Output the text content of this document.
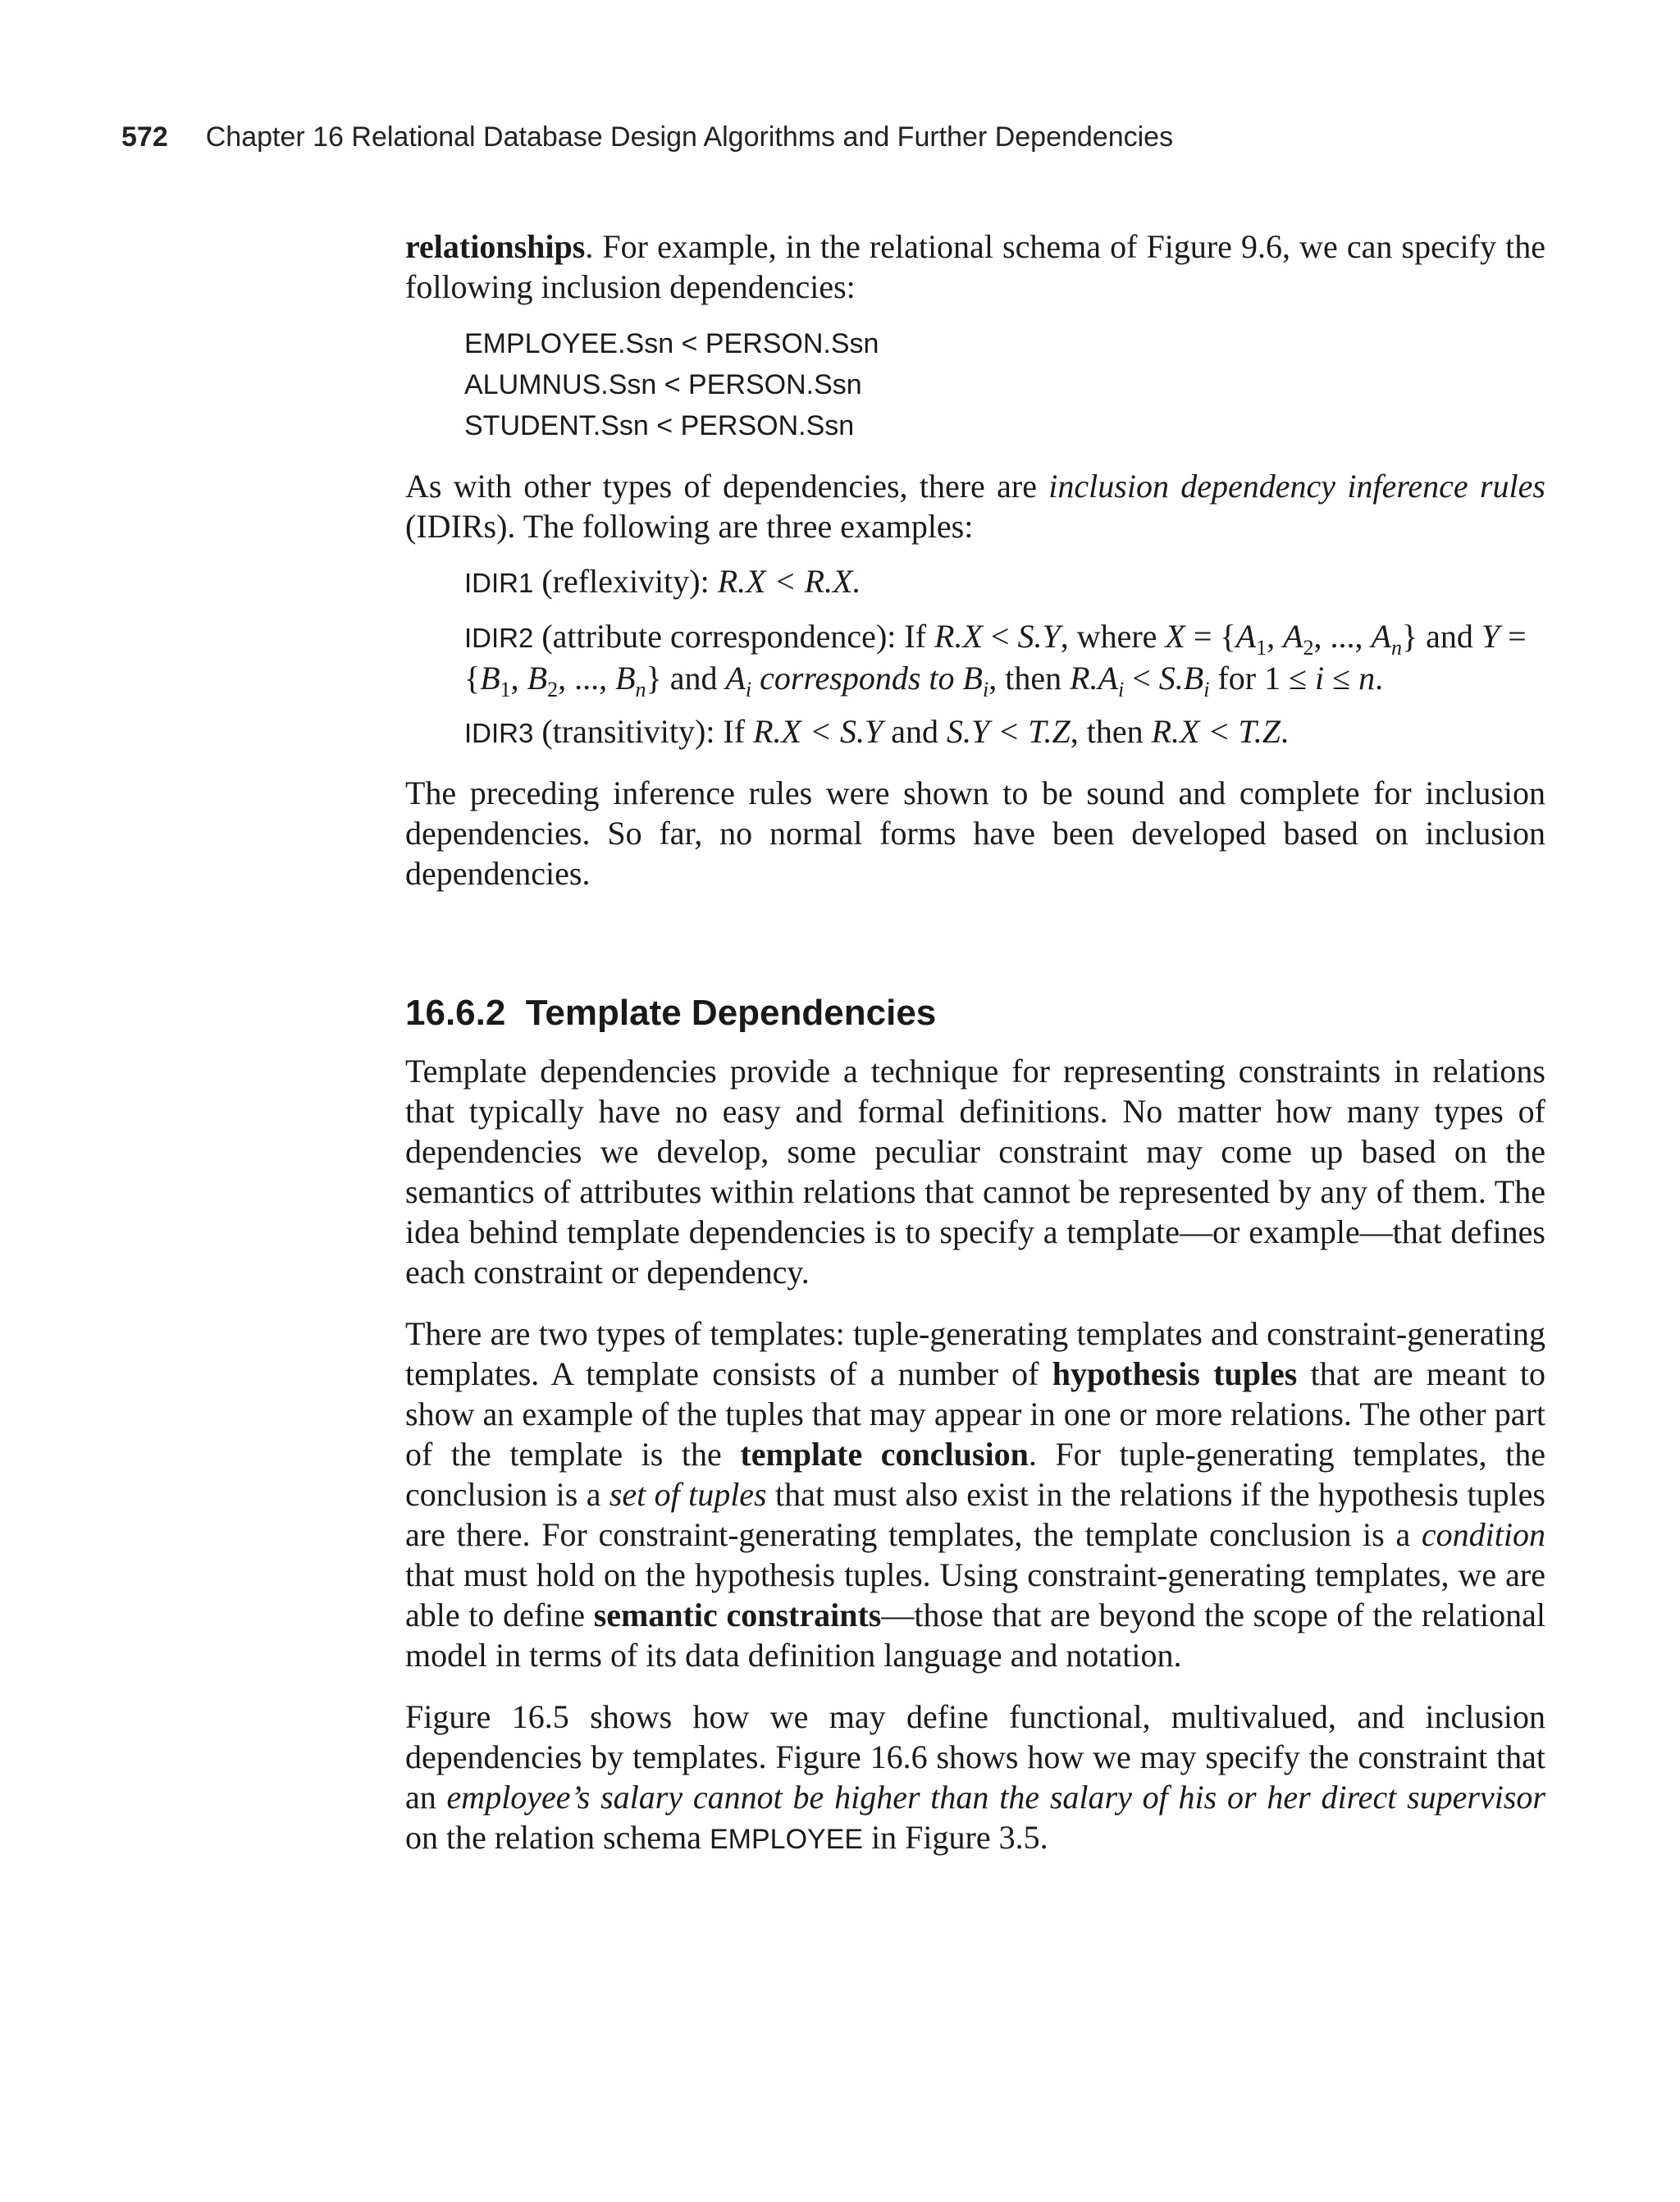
572 Chapter 16 Relational Database Design Algorithms and Further Dependencies

relationships. For example, in the relational schema of Figure 9.6, we can specify the following inclusion dependencies:

EMPLOYEE.Ssn < PERSON.Ssn
ALUMNUS.Ssn < PERSON.Ssn
STUDENT.Ssn < PERSON.Ssn

As with other types of dependencies, there are inclusion dependency inference rules (IDIRs). The following are three examples:

IDIR1 (reflexivity): R.X < R.X.
IDIR2 (attribute correspondence): If R.X < S.Y, where $X = \{A_1$, $A_2$, ..., $A_n$} and $Y = \{B_1$, $B_2$, ..., $B_n$} and $A_i$ corresponds to $B_i$, then $R.A_i < S.B_i$ for 1 ≤ i ≤ n.
IDIR3 (transitivity): If R.X < S.Y and S.Y < T.Z, then R.X < T.Z.

The preceding inference rules were shown to be sound and complete for inclusion dependencies. So far, no normal forms have been developed based on inclusion dependencies.

16.6.2 Template Dependencies

Template dependencies provide a technique for representing constraints in relations that typically have no easy and formal definitions. No matter how many types of dependencies we develop, some peculiar constraint may come up based on the semantics of attributes within relations that cannot be represented by any of them. The idea behind template dependencies is to specify a template—or example—that defines each constraint or dependency.

There are two types of templates: tuple-generating templates and constraint-generating templates. A template consists of a number of hypothesis tuples that are meant to show an example of the tuples that may appear in one or more relations. The other part of the template is the template conclusion. For tuple-generating templates, the conclusion is a set of tuples that must also exist in the relations if the hypothesis tuples are there. For constraint-generating templates, the template conclusion is a condition that must hold on the hypothesis tuples. Using constraint-generating templates, we are able to define semantic constraints—those that are beyond the scope of the relational model in terms of its data definition language and notation.

Figure 16.5 shows how we may define functional, multivalued, and inclusion dependencies by templates. Figure 16.6 shows how we may specify the constraint that an employee’s salary cannot be higher than the salary of his or her direct supervisor on the relation schema EMPLOYEE in Figure 3.5.
